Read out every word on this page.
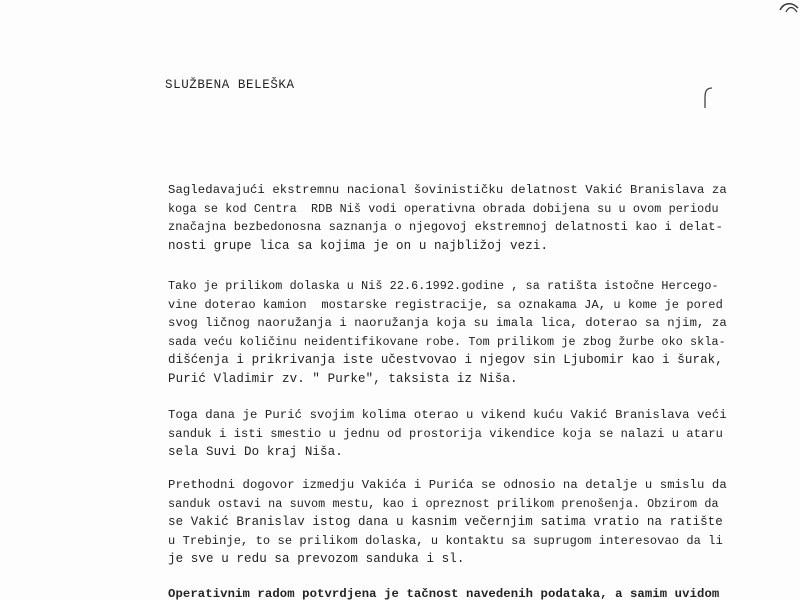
SLUŽBENA BELEŠKA
Sagledavajući ekstremnu nacional šovinističku delatnost Vakić Branislava za
koga se kod Centra  RDB Niš vodi operativna obrada dobijena su u ovom periodu
značajna bezbedonosna saznanja o njegovoj ekstremnoj delatnosti kao i delat-
nosti grupe lica sa kojima je on u najbližoj vezi.
Tako je prilikom dolaska u Niš 22.6.1992.godine , sa ratišta istočne Hercego-
vine doterao kamion  mostarske registracije, sa oznakama JA, u kome je pored
svog ličnog naoružanja i naoružanja koja su imala lica, doterao sa njim, za
sada veću količinu neidentifikovane robe. Tom prilikom je zbog žurbe oko skla-
dišćenja i prikrivanja iste učestvovao i njegov sin Ljubomir kao i šurak,
Purić Vladimir zv. " Purke", taksista iz Niša.
Toga dana je Purić svojim kolima oterao u vikend kuću Vakić Branislava veći
sanduk i isti smestio u jednu od prostorija vikendice koja se nalazi u ataru
sela Suvi Do kraj Niša.
Prethodni dogovor izmedju Vakića i Purića se odnosio na detalje u smislu da
sanduk ostavi na suvom mestu, kao i opreznost prilikom prenošenja. Obzirom da
se Vakić Branislav istog dana u kasnim večernjim satima vratio na ratište
u Trebinje, to se prilikom dolaska, u kontaktu sa suprugom interesovao da li
je sve u redu sa prevozom sanduka i sl.
Operativnim radom potvrdjena je tačnost navedenih podataka, a samim uvidom
